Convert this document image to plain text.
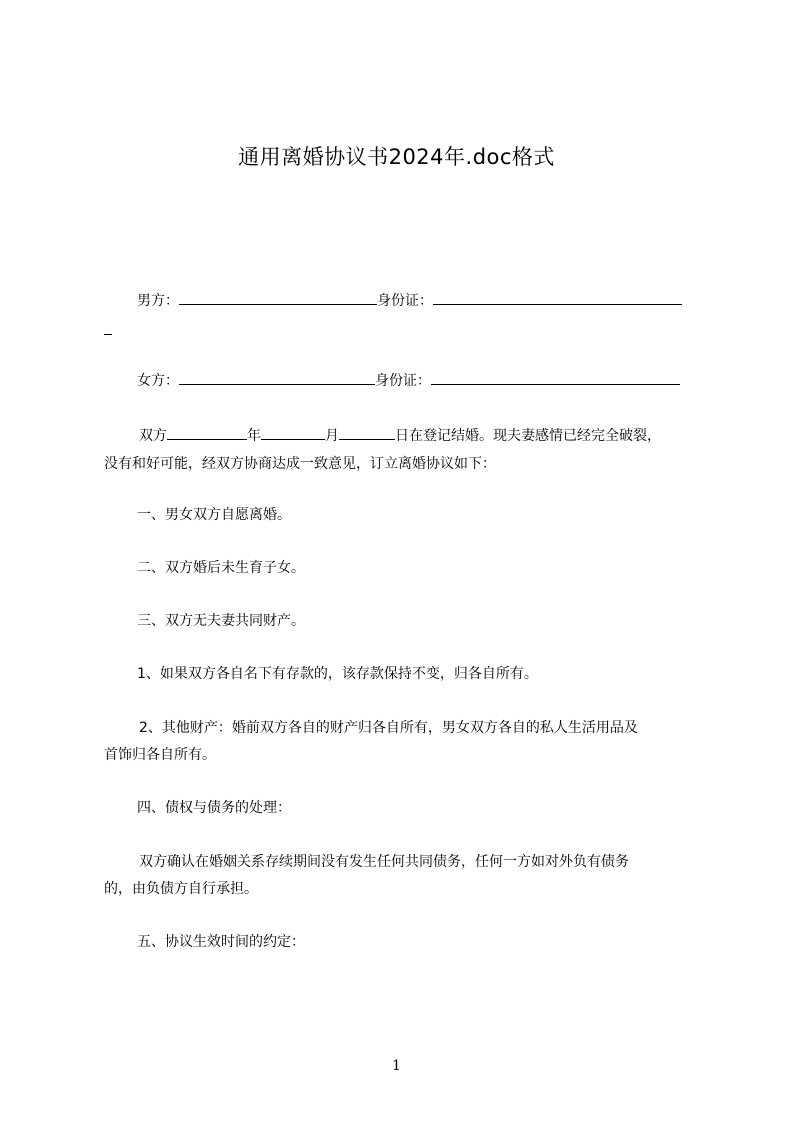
通用离婚协议书2024年.doc格式
男方：	身份证：
女方：	身份证：
双方	年	月	日在登记结婚。现夫妻感情已经完全破裂，
没有和好可能，经双方协商达成一致意见，订立离婚协议如下：
一、男女双方自愿离婚。
二、双方婚后未生育子女。
三、双方无夫妻共同财产。
1、如果双方各自名下有存款的，该存款保持不变，归各自所有。
2、其他财产：婚前双方各自的财产归各自所有，男女双方各自的私人生活用品及
首饰归各自所有。
四、债权与债务的处理：
双方确认在婚姻关系存续期间没有发生任何共同债务，任何一方如对外负有债务
的，由负债方自行承担。
五、协议生效时间的约定：
1
